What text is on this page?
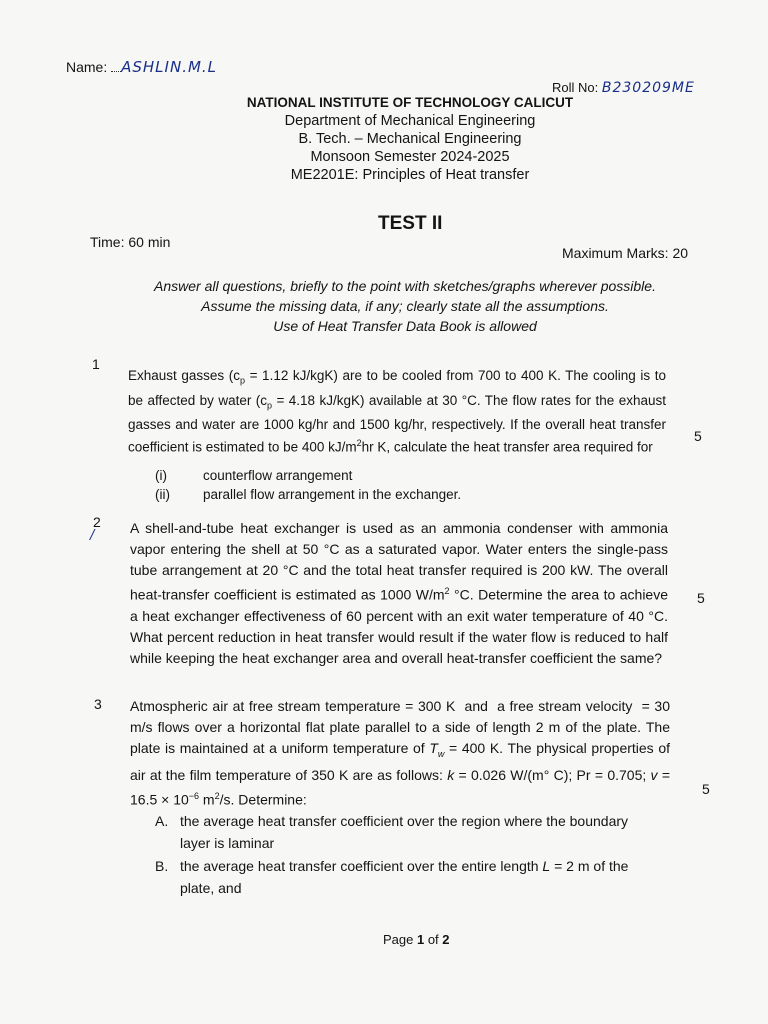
Name: ASHLIN.M.L
Roll No: B230209ME
NATIONAL INSTITUTE OF TECHNOLOGY CALICUT
Department of Mechanical Engineering
B. Tech. – Mechanical Engineering
Monsoon Semester 2024-2025
ME2201E: Principles of Heat transfer
TEST II
Time: 60 min
Maximum Marks: 20
Answer all questions, briefly to the point with sketches/graphs wherever possible.
Assume the missing data, if any; clearly state all the assumptions.
Use of Heat Transfer Data Book is allowed
1
Exhaust gasses ($c_p = 1.12$ kJ/kgK) are to be cooled from 700 to 400 K. The cooling is to be affected by water ($c_p = 4.18$ kJ/kgK) available at 30 °C. The flow rates for the exhaust gasses and water are 1000 kg/hr and 1500 kg/hr, respectively. If the overall heat transfer coefficient is estimated to be 400 $kJ/m^2hr$ K, calculate the heat transfer area required for
5
(i)	counterflow arrangement
(ii) parallel flow arrangement in the exchanger.
2
/ A shell-and-tube heat exchanger is used as an ammonia condenser with ammonia vapor entering the shell at 50 °C as a saturated vapor. Water enters the single-pass tube arrangement at 20 °C and the total heat transfer required is 200 kW. The overall heat-transfer coefficient is estimated as 1000 $W/m^2$ °C. Determine the area to achieve a heat exchanger effectiveness of 60 percent with an exit water temperature of 40 °C. What percent reduction in heat transfer would result if the water flow is reduced to half while keeping the heat exchanger area and overall heat-transfer coefficient the same?
5
3 Atmospheric air at free stream temperature = 300 K  and  a free stream velocity  = 30 m/s flows over a horizontal flat plate parallel to a side of length 2 m of the plate. The plate is maintained at a uniform temperature of $T_w = 400$ K. The physical properties of air at the film temperature of 350 K are as follows: k = 0.026 W/(m° C); Pr = 0.705; $v = 16.5 \times 10^{-6}$ $m^2/s$. Determine:
5
A. the average heat transfer coefficient over the region where the boundary
layer is laminar
B. the average heat transfer coefficient over the entire length L = 2 m of the
plate, and
Page 1 of 2
